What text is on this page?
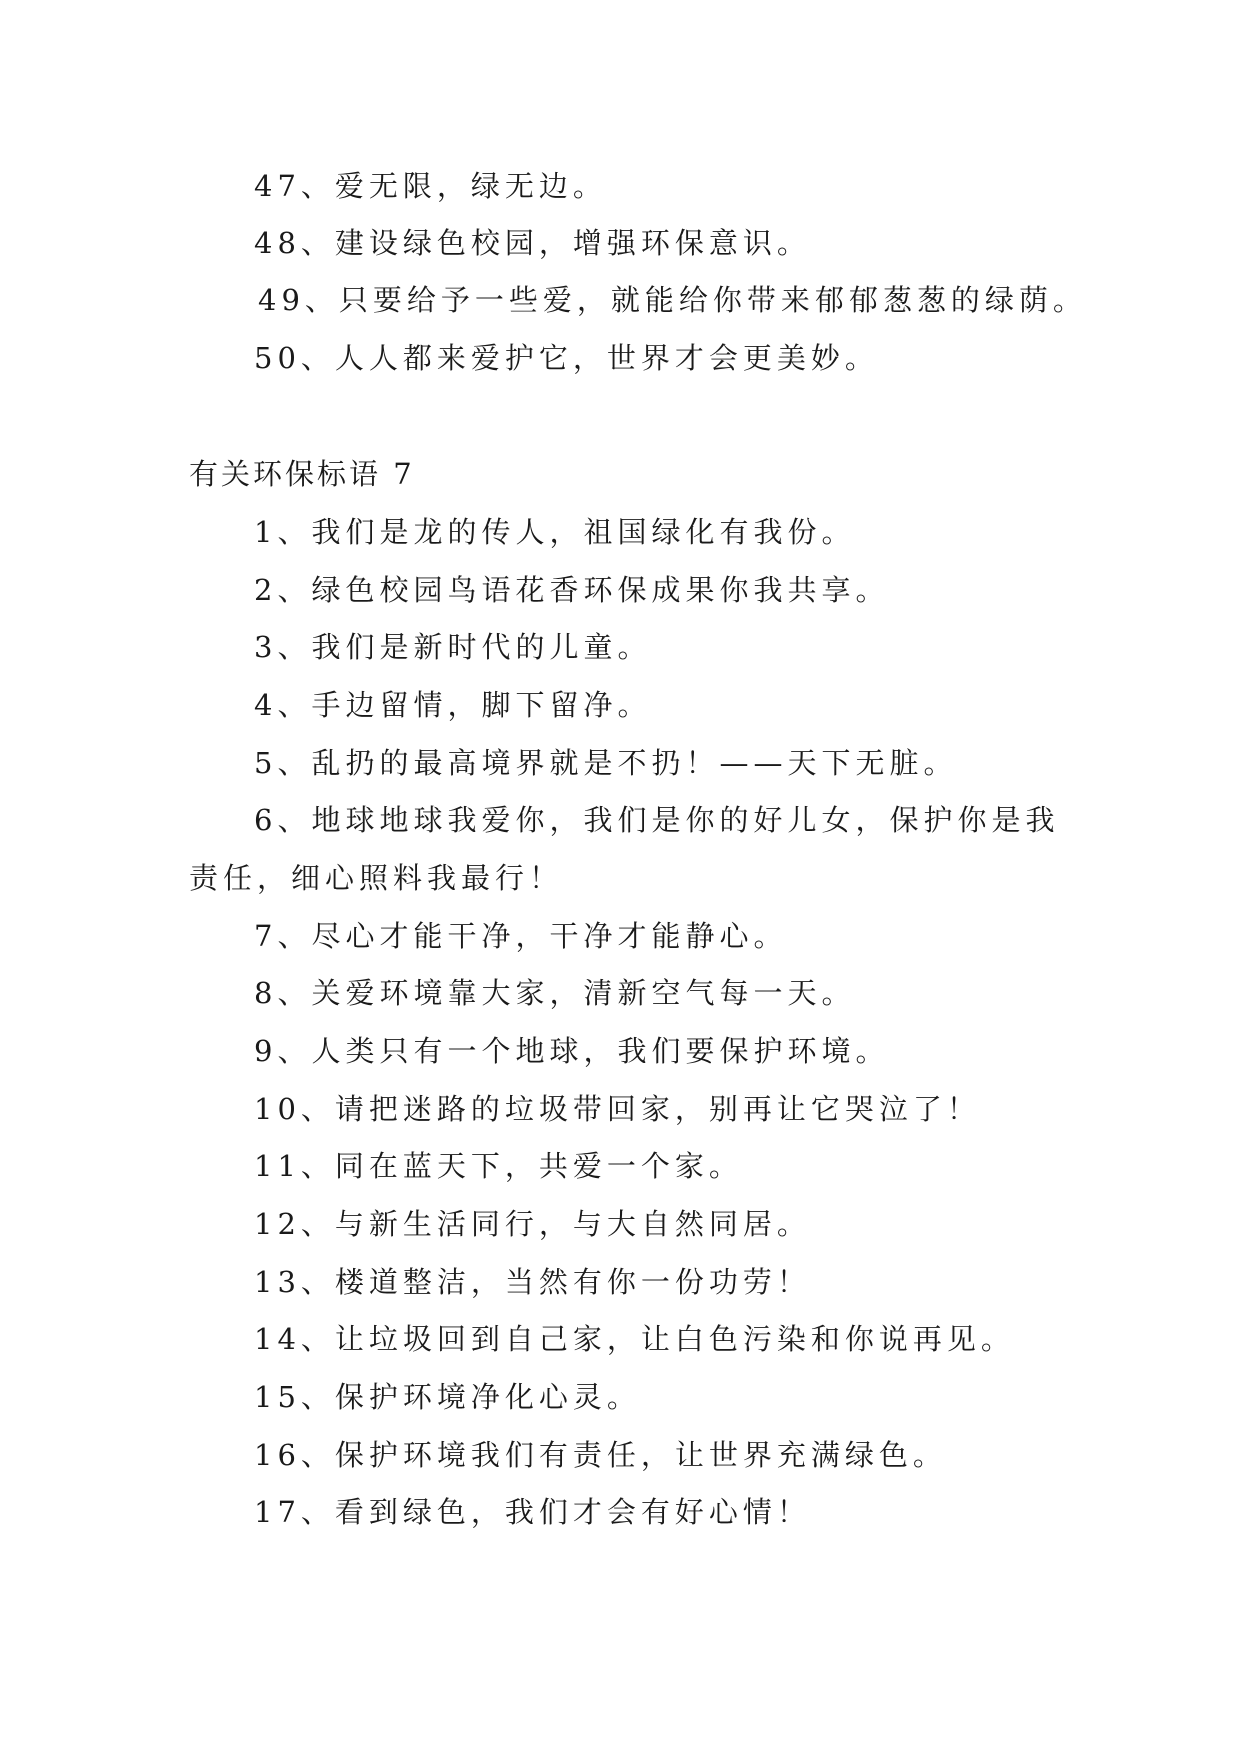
47、爱无限，绿无边。

48、建设绿色校园，增强环保意识。

49、只要给予一些爱，就能给你带来郁郁葱葱的绿荫。

50、人人都来爱护它，世界才会更美妙。

有关环保标语 7

1、我们是龙的传人，祖国绿化有我份。

2、绿色校园鸟语花香环保成果你我共享。

3、我们是新时代的儿童。

4、手边留情，脚下留净。

5、乱扔的最高境界就是不扔！——天下无脏。

6、地球地球我爱你，我们是你的好儿女，保护你是我

责任，细心照料我最行！

7、尽心才能干净，干净才能静心。

8、关爱环境靠大家，清新空气每一天。

9、人类只有一个地球，我们要保护环境。

10、请把迷路的垃圾带回家，别再让它哭泣了！

11、同在蓝天下，共爱一个家。

12、与新生活同行，与大自然同居。

13、楼道整洁，当然有你一份功劳！

14、让垃圾回到自己家，让白色污染和你说再见。

15、保护环境净化心灵。

16、保护环境我们有责任，让世界充满绿色。

17、看到绿色，我们才会有好心情！
